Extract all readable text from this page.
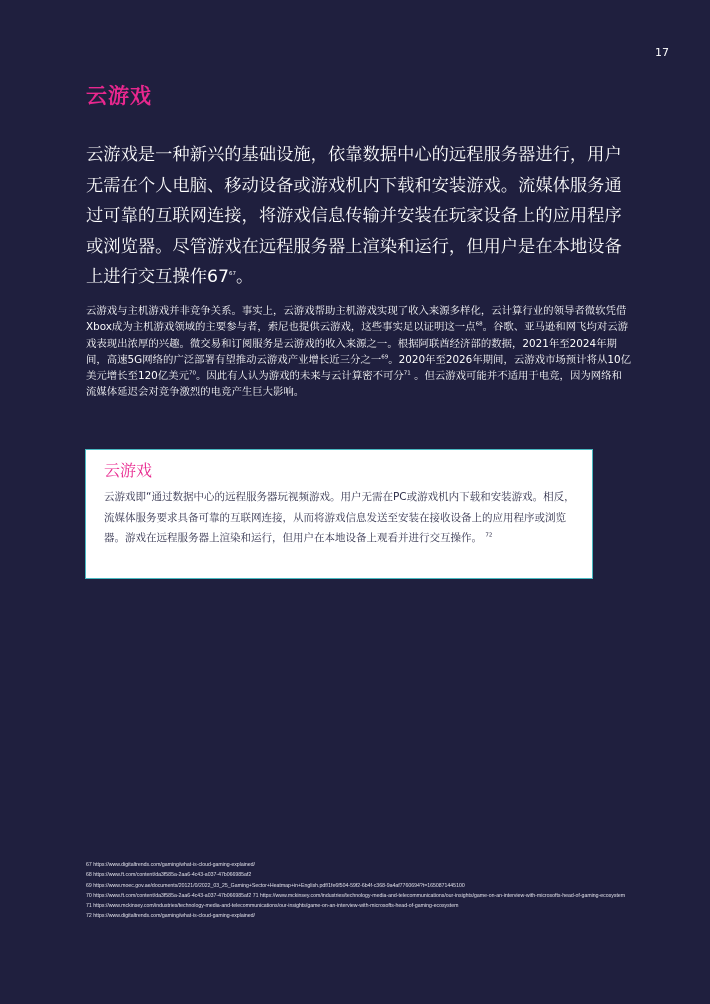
17
云游戏
云游戏是一种新兴的基础设施，依靠数据中心的远程服务器进行，用户无需在个人电脑、移动设备或游戏机内下载和安装游戏。流媒体服务通过可靠的互联网连接，将游戏信息传输并安装在玩家设备上的应用程序或浏览器。尽管游戏在远程服务器上渲染和运行，但用户是在本地设备上进行交互操作$67^{67}$。
云游戏与主机游戏并非竞争关系。事实上，云游戏帮助主机游戏实现了收入来源多样化，云计算行业的领导者微软凭借Xbox成为主机游戏领域的主要参与者，索尼也提供云游戏，这些事实足以证明这一点$^{68}$。谷歌、亚马逊和网飞均对云游戏表现出浓厚的兴趣。微交易和订阅服务是云游戏的收入来源之一。根据阿联酋经济部的数据，2021年至2024年期间，高速5G网络的广泛部署有望推动云游戏产业增长近三分之一$^{69}$。2020年至2026年期间，云游戏市场预计将从10亿美元增长至120亿美元$^{70}$。因此有人认为游戏的未来与云计算密不可分$^{71}$ 。但云游戏可能并不适用于电竞，因为网络和流媒体延迟会对竞争激烈的电竞产生巨大影响。
云游戏
云游戏即“通过数据中心的远程服务器玩视频游戏。用户无需在PC或游戏机内下载和安装游戏。相反，流媒体服务要求具备可靠的互联网连接，从而将游戏信息发送至安装在接收设备上的应用程序或浏览器。游戏在远程服务器上渲染和运行，但用户在本地设备上观看并进行交互操作。 $^{72}$
67 https://www.digitaltrends.com/gaming/what-is-cloud-gaming-explained/
68 https://www.ft.com/content/da3f585a-2aa6-4c43-a037-47b066985af2
69 https://www.moec.gov.ae/documents/20121/0/2022_03_25_Gaming+Sector+Heatmap+in+English.pdf/1fe6f504-59f2-6b4f-c368-9a4af7760694?t=1650871445100
70 https://www.ft.com/content/da3f585a-2aa6-4c43-a037-47b066985af2 71 https://www.mckinsey.com/industries/technology-media-and-telecommunications/our-insights/game-on-an-interview-with-microsofts-head-of-gaming-ecosystem
71 https://www.mckinsey.com/industries/technology-media-and-telecommunications/our-insights/game-on-an-interview-with-microsofts-head-of-gaming-ecosystem
72 https://www.digitaltrends.com/gaming/what-is-cloud-gaming-explained/
